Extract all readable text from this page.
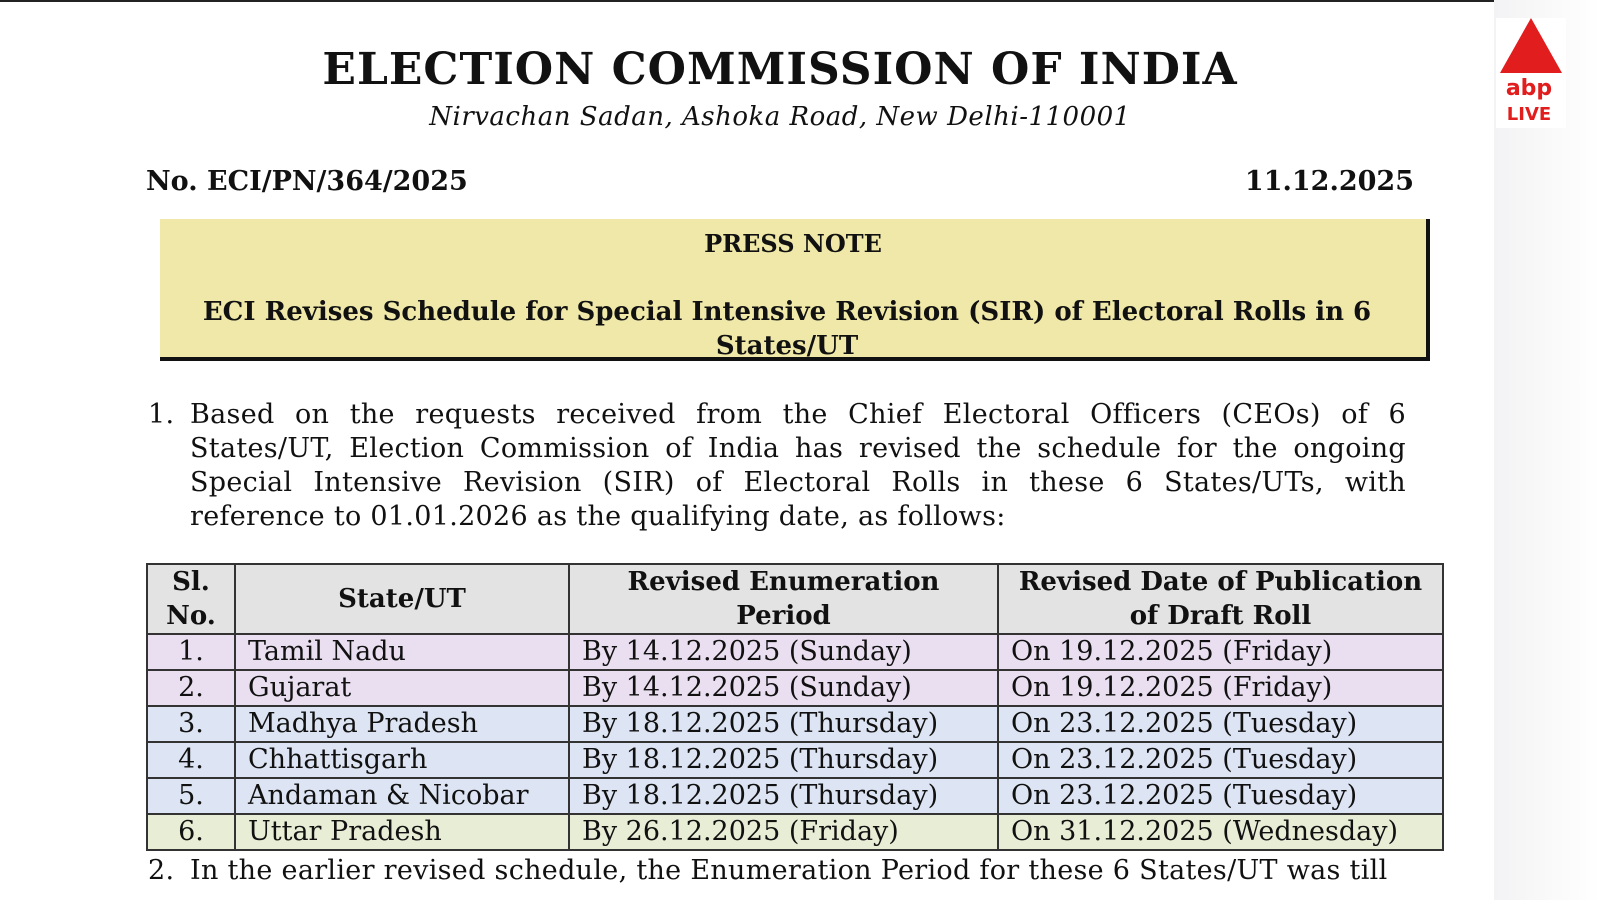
abp
LIVE
ELECTION COMMISSION OF INDIA
Nirvachan Sadan, Ashoka Road, New Delhi-110001
No. ECI/PN/364/2025	11.12.2025
PRESS NOTE
ECI Revises Schedule for Special Intensive Revision (SIR) of Electoral Rolls in 6 States/UT
1. Based on the requests received from the Chief Electoral Officers (CEOs) of 6 States/UT, Election Commission of India has revised the schedule for the ongoing Special Intensive Revision (SIR) of Electoral Rolls in these 6 States/UTs, with reference to 01.01.2026 as the qualifying date, as follows:
Sl. No.	State/UT	Revised Enumeration Period	Revised Date of Publication of Draft Roll
1.	Tamil Nadu	By 14.12.2025 (Sunday)	On 19.12.2025 (Friday)
2.	Gujarat	By 14.12.2025 (Sunday)	On 19.12.2025 (Friday)
3.	Madhya Pradesh	By 18.12.2025 (Thursday)	On 23.12.2025 (Tuesday)
4.	Chhattisgarh	By 18.12.2025 (Thursday)	On 23.12.2025 (Tuesday)
5.	Andaman & Nicobar	By 18.12.2025 (Thursday)	On 23.12.2025 (Tuesday)
6.	Uttar Pradesh	By 26.12.2025 (Friday)	On 31.12.2025 (Wednesday)
2. In the earlier revised schedule, the Enumeration Period for these 6 States/UT was till
